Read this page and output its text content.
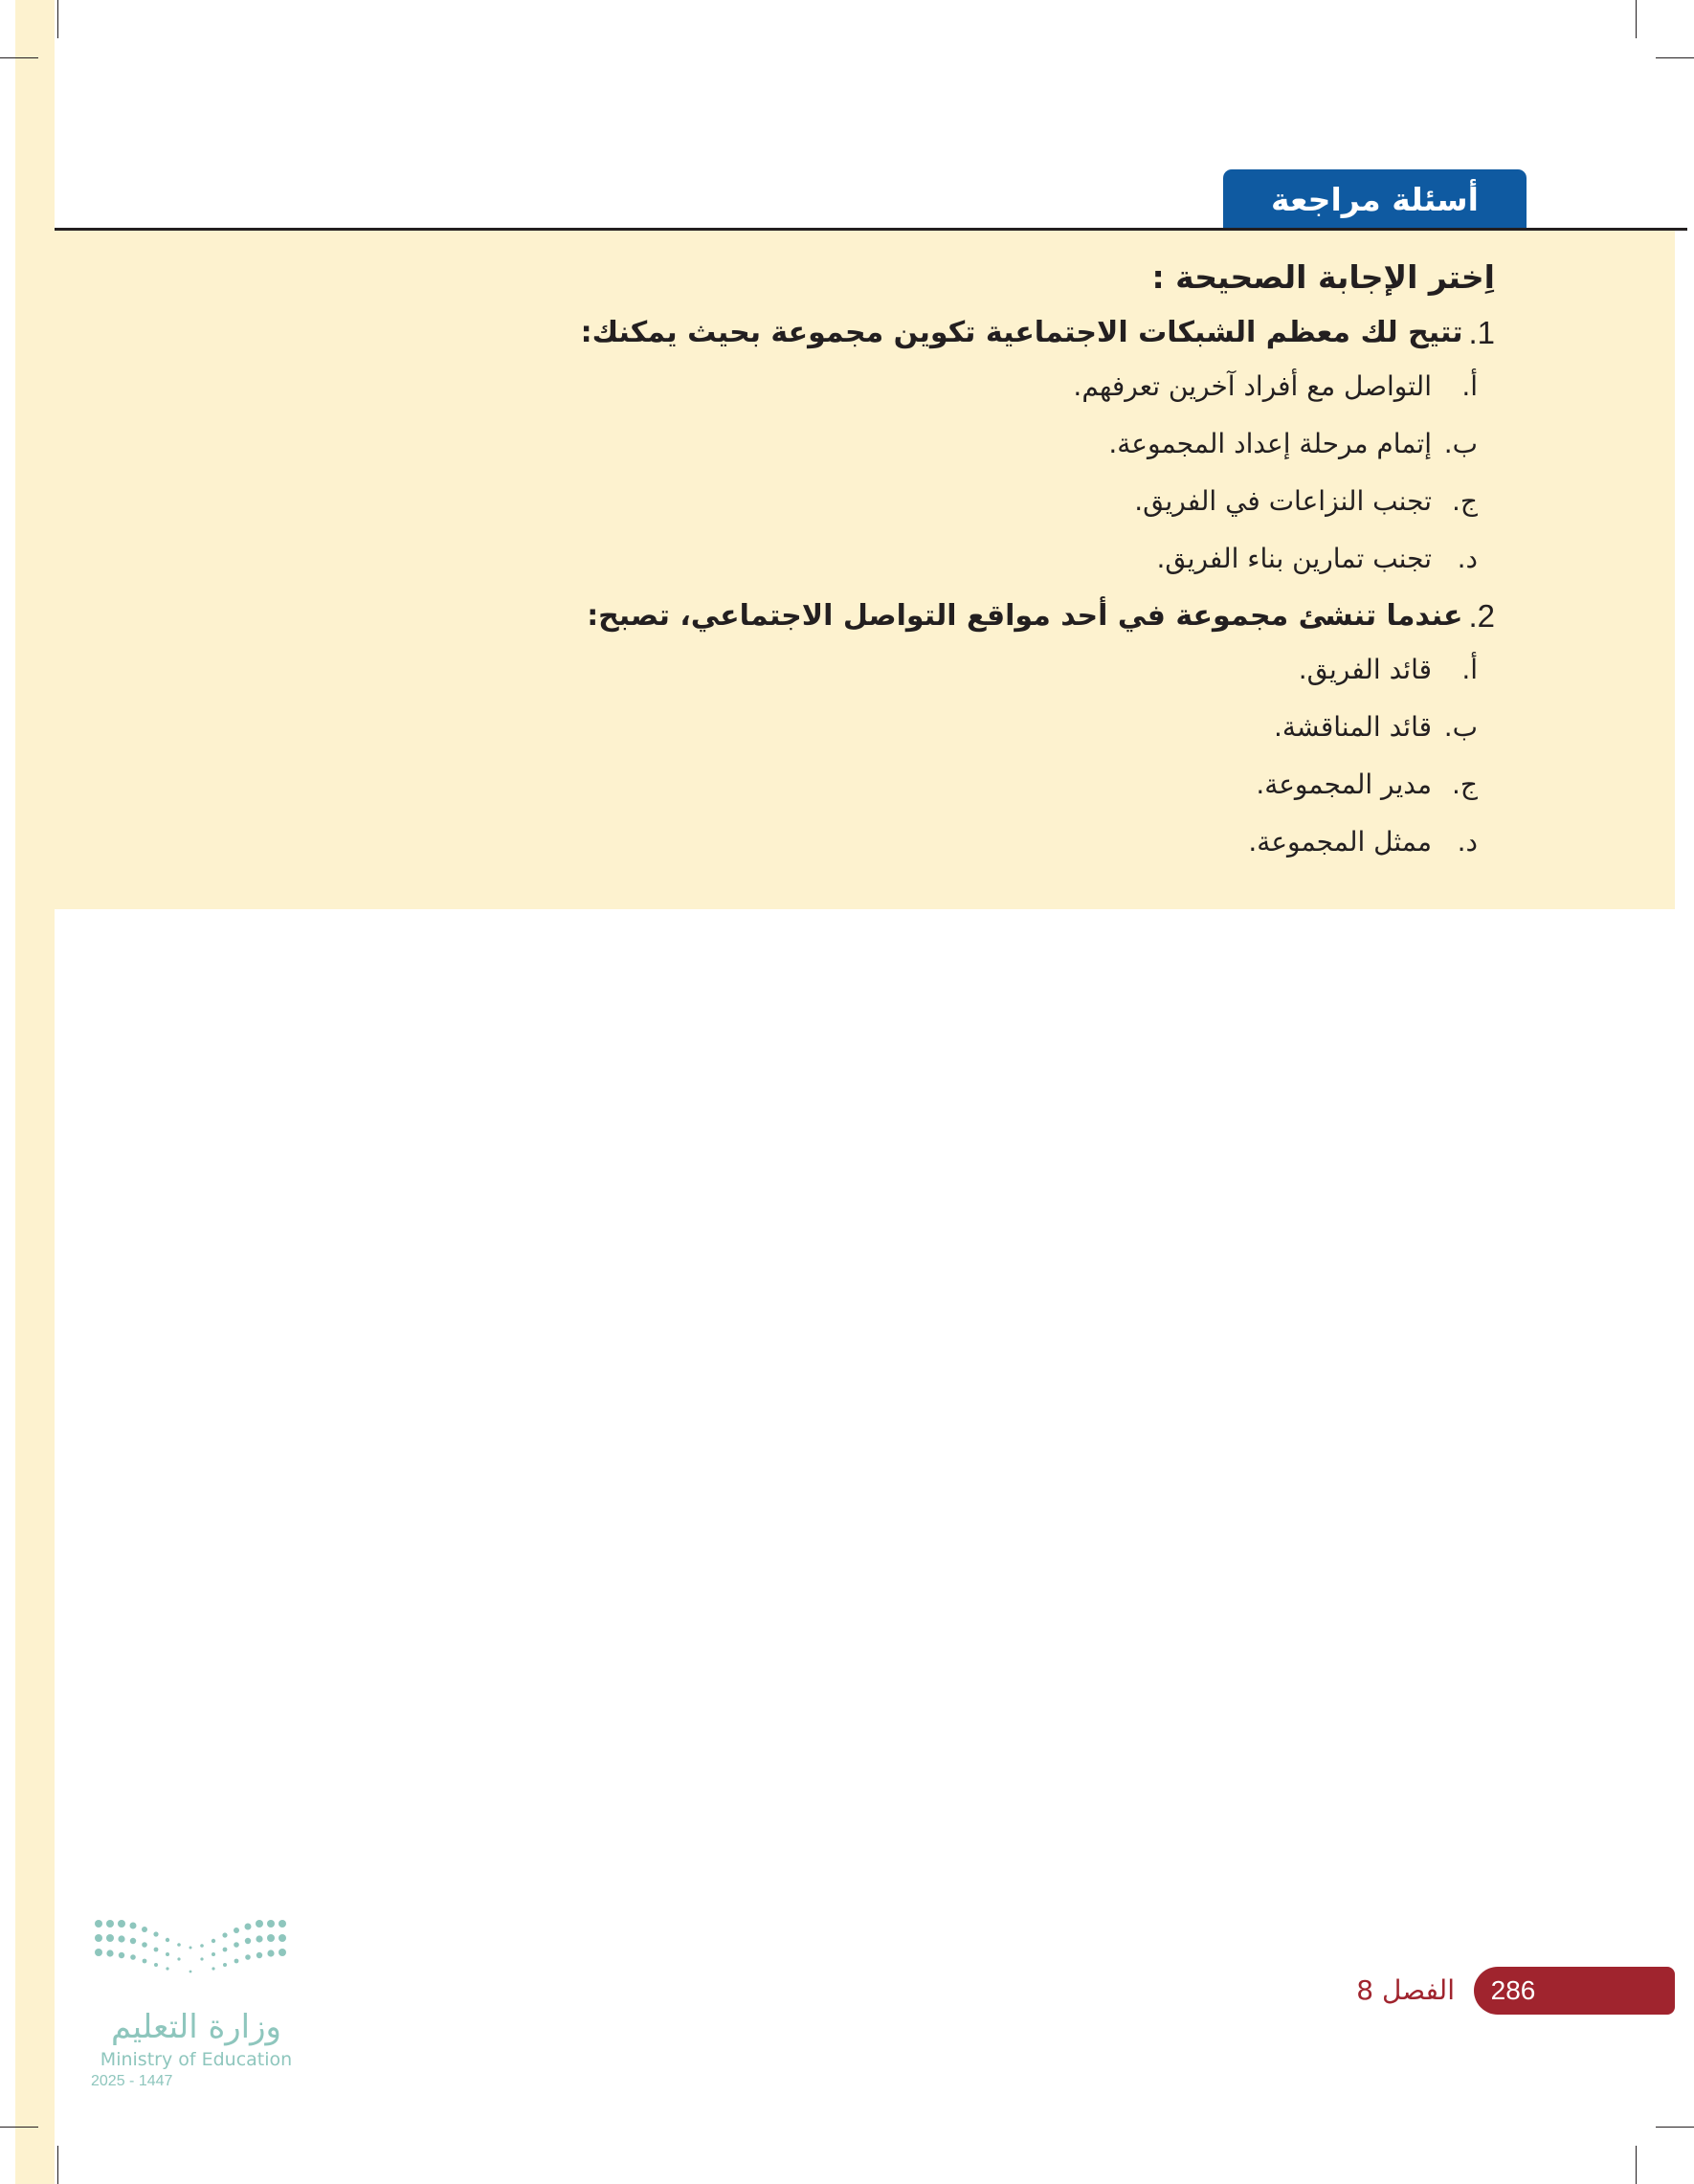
أسئلة مراجعة
اِختر الإجابة الصحيحة :
1.
تتيح لك معظم الشبكات الاجتماعية تكوين مجموعة بحيث يمكنك:
أ.
التواصل مع أفراد آخرين تعرفهم.
ب.
إتمام مرحلة إعداد المجموعة.
ج.
تجنب النزاعات في الفريق.
د.
تجنب تمارين بناء الفريق.
2.
عندما تنشئ مجموعة في أحد مواقع التواصل الاجتماعي، تصبح:
أ.
قائد الفريق.
ب.
قائد المناقشة.
ج.
مدير المجموعة.
د.
ممثل المجموعة.
286
الفصل 8
وزارة التعليم
Ministry of Education
2025 - 1447
